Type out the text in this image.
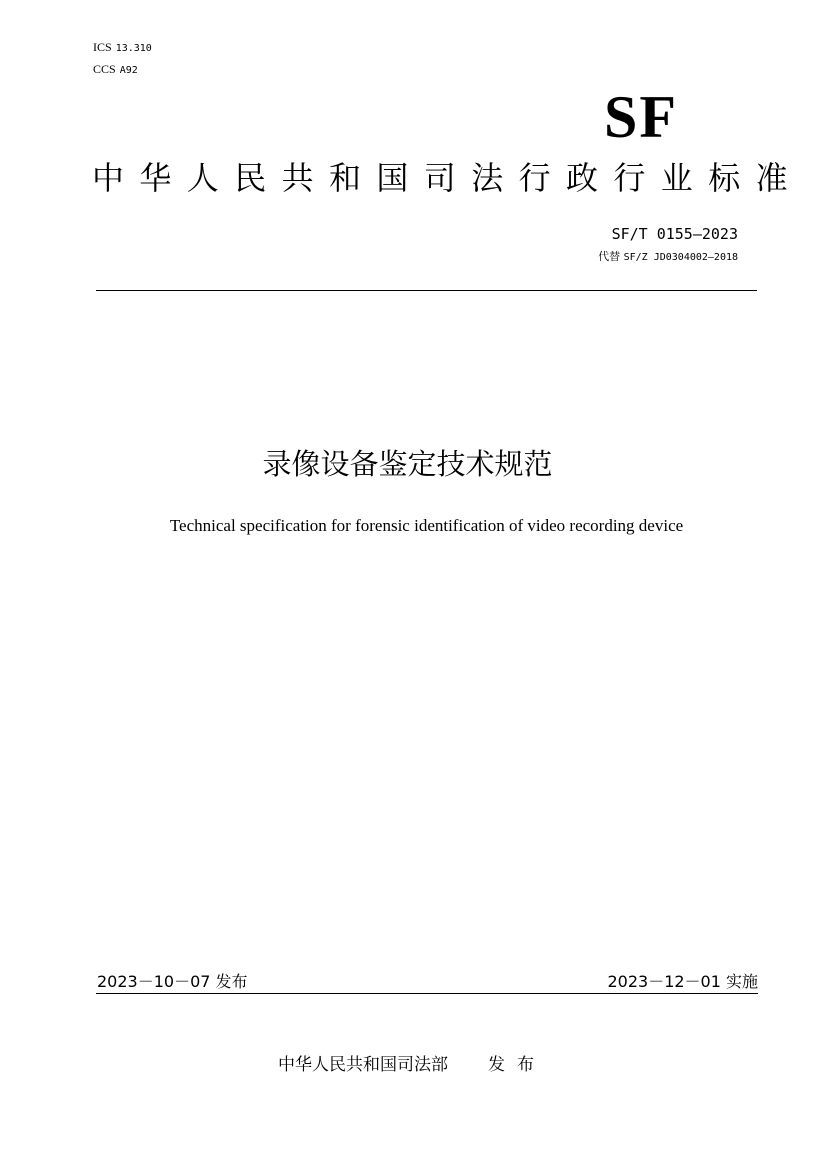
ICS 13.310
CCS A92
SF
中华人民共和国司法行政行业标准
SF/T 0155—2023
代替 SF/Z JD0304002—2018
录像设备鉴定技术规范
Technical specification for forensic identification of video recording device
2023－10－07 发布	2023－12－01 实施
中华人民共和国司法部 发布
